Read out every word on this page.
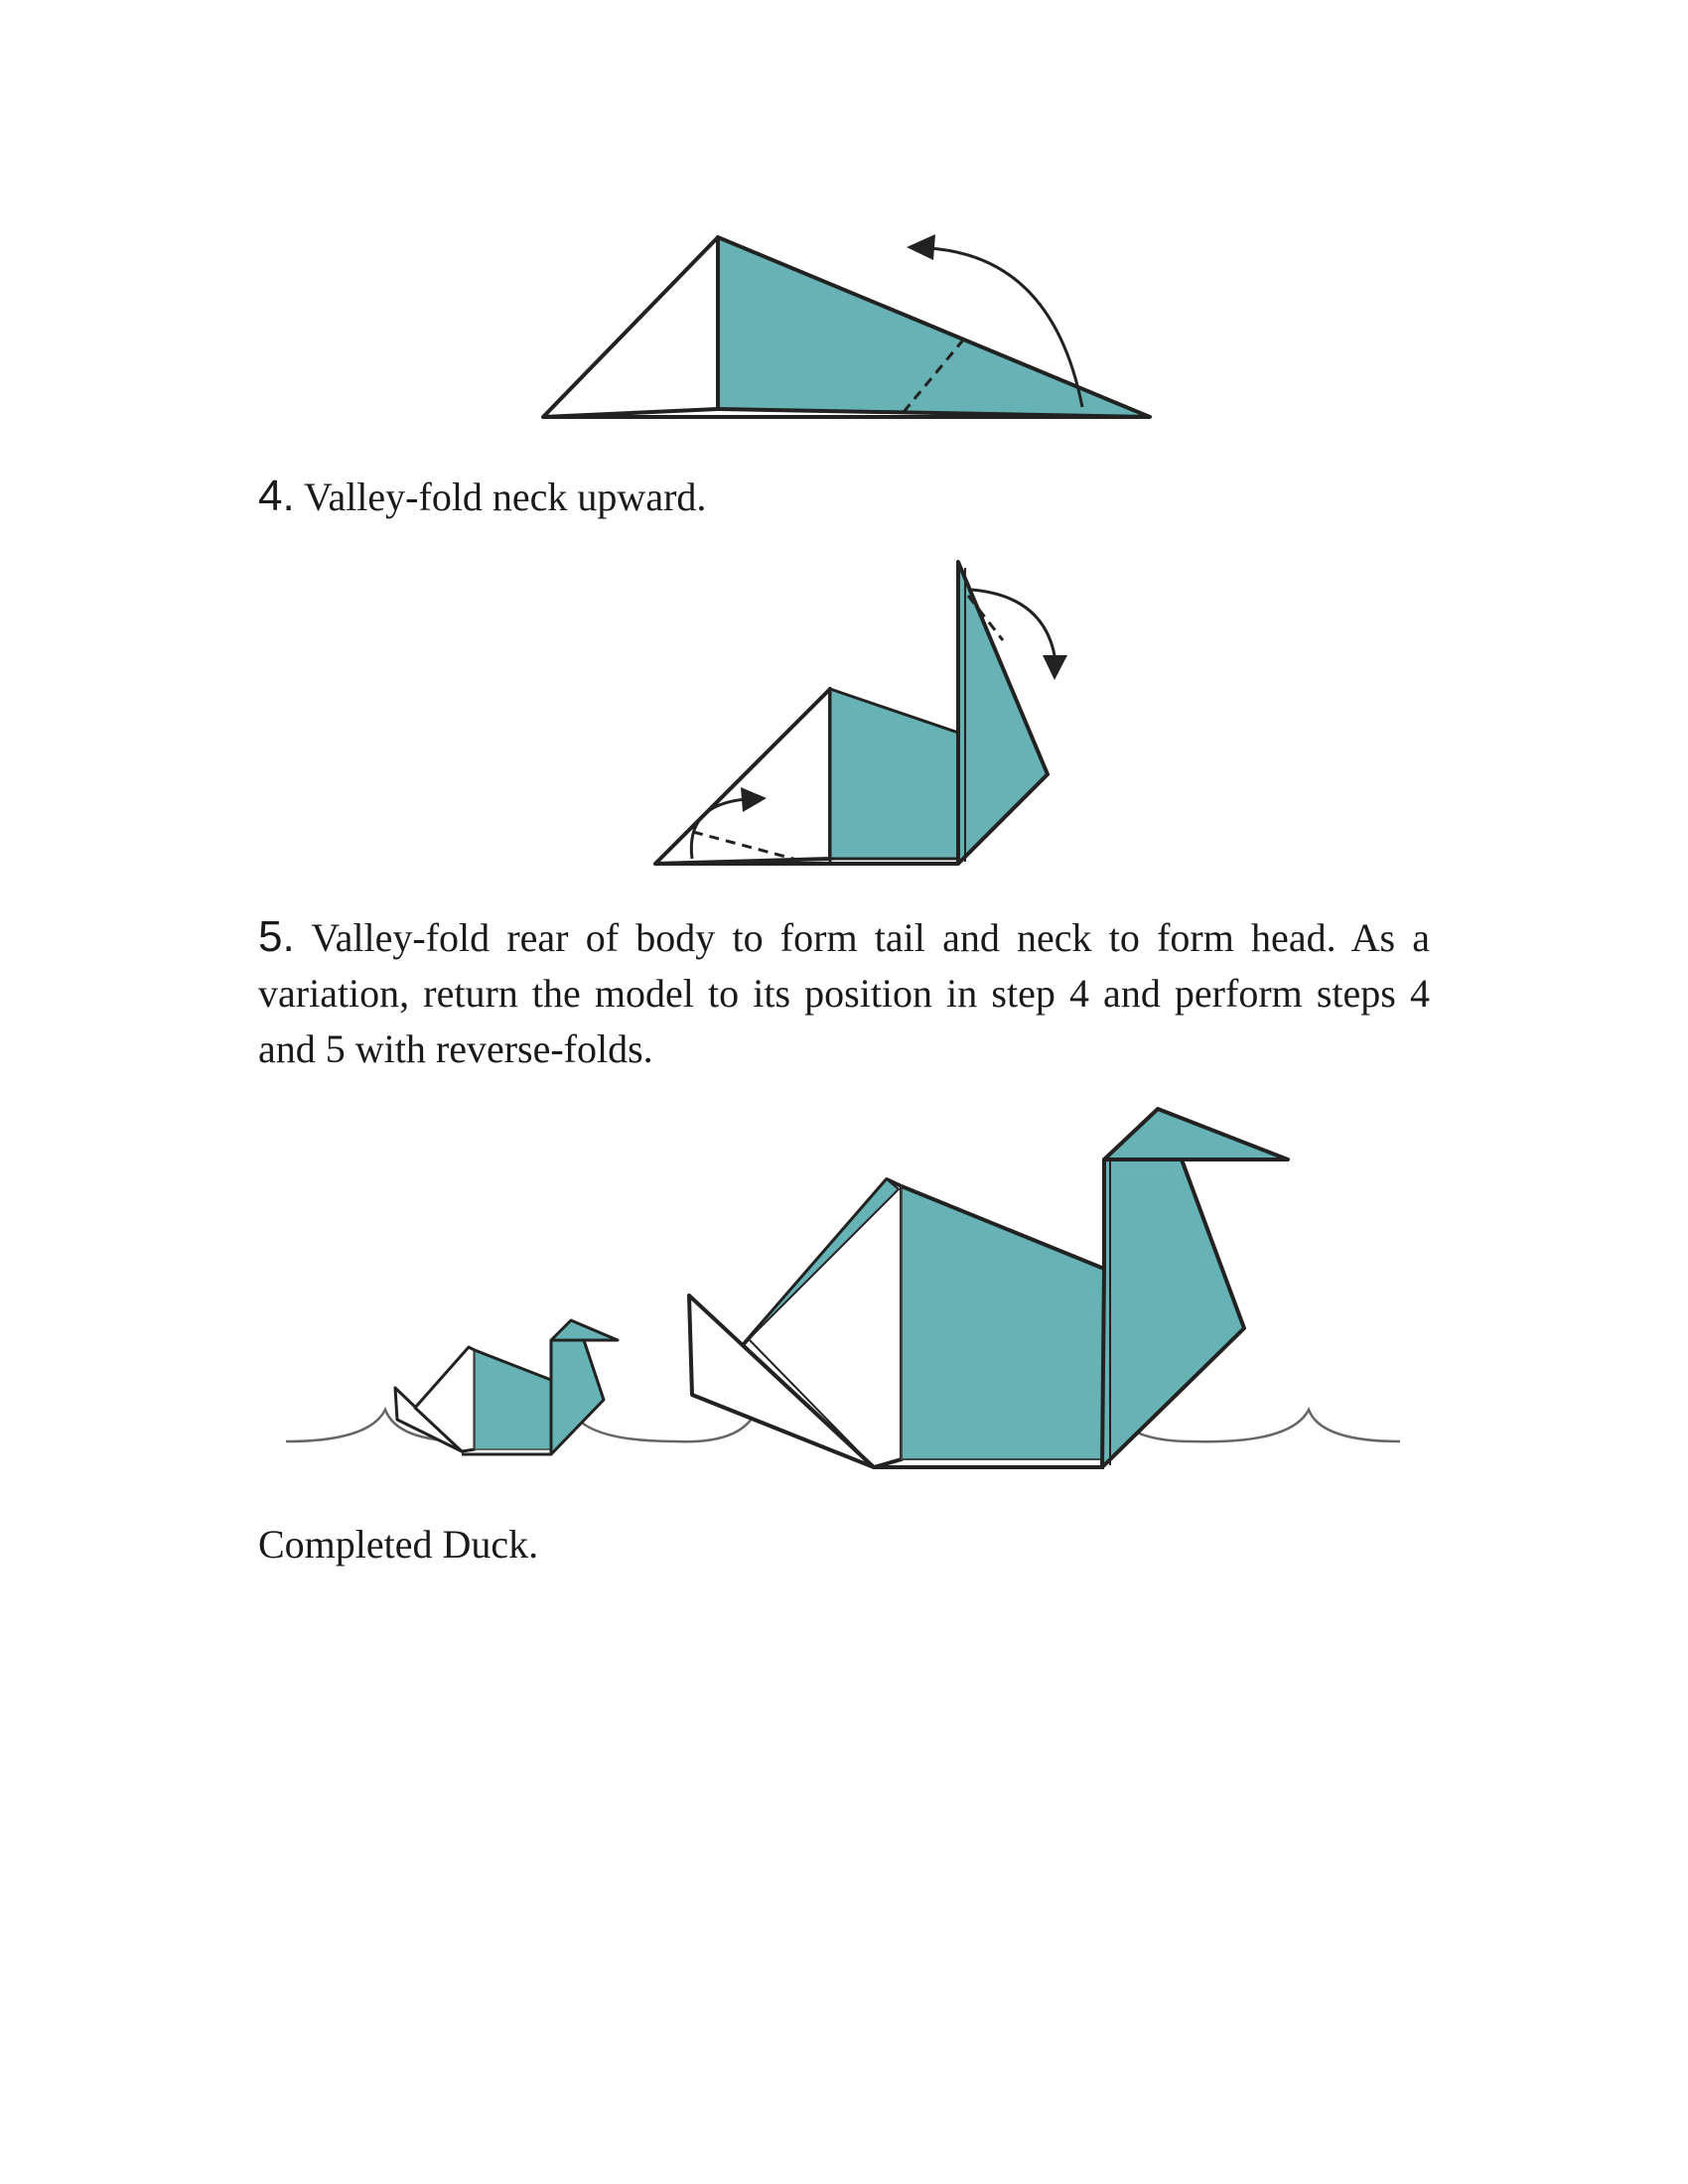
4. Valley-fold neck upward.

5. Valley-fold rear of body to form tail and neck to form head. As a variation, return the model to its position in step 4 and perform steps 4 and 5 with reverse-folds.

Completed Duck.
